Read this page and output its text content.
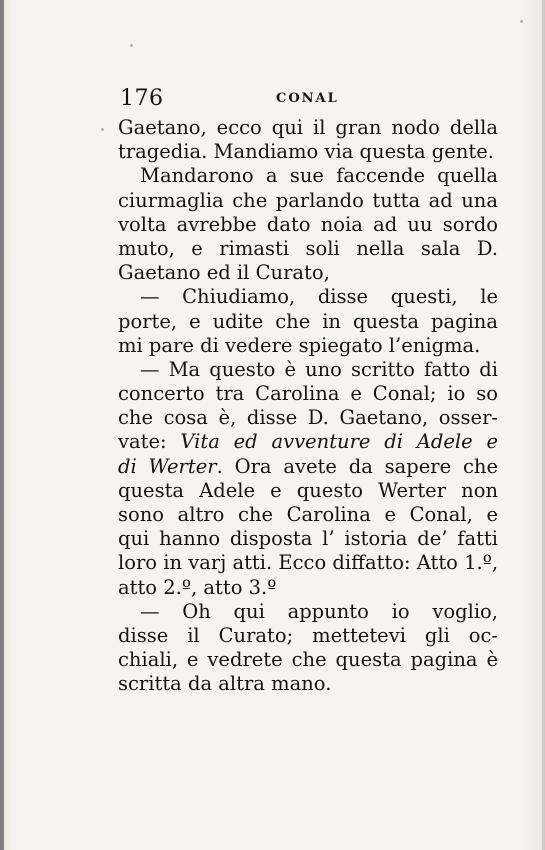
176	CONAL
Gaetano, ecco qui il gran nodo della
tragedia. Mandiamo via questa gente.
Mandarono a sue faccende quella
ciurmaglia che parlando tutta ad una
volta avrebbe dato noia ad uu sordo
muto, e rimasti soli nella sala D.
Gaetano ed il Curato,
— Chiudiamo, disse questi, le
porte, e udite che in questa pagina
mi pare di vedere spiegato l’enigma.
— Ma questo è uno scritto fatto di
concerto tra Carolina e Conal; io so
che cosa è, disse D. Gaetano, osser-
vate: Vita ed avventure di Adele e
di Werter. Ora avete da sapere che
questa Adele e questo Werter non
sono altro che Carolina e Conal, e
qui hanno disposta l’ istoria de’ fatti
loro in varj atti. Ecco diffatto: Atto 1.º,
atto 2.º, atto 3.º
— Oh qui appunto io voglio,
disse il Curato; mettetevi gli oc-
chiali, e vedrete che questa pagina è
scritta da altra mano.
